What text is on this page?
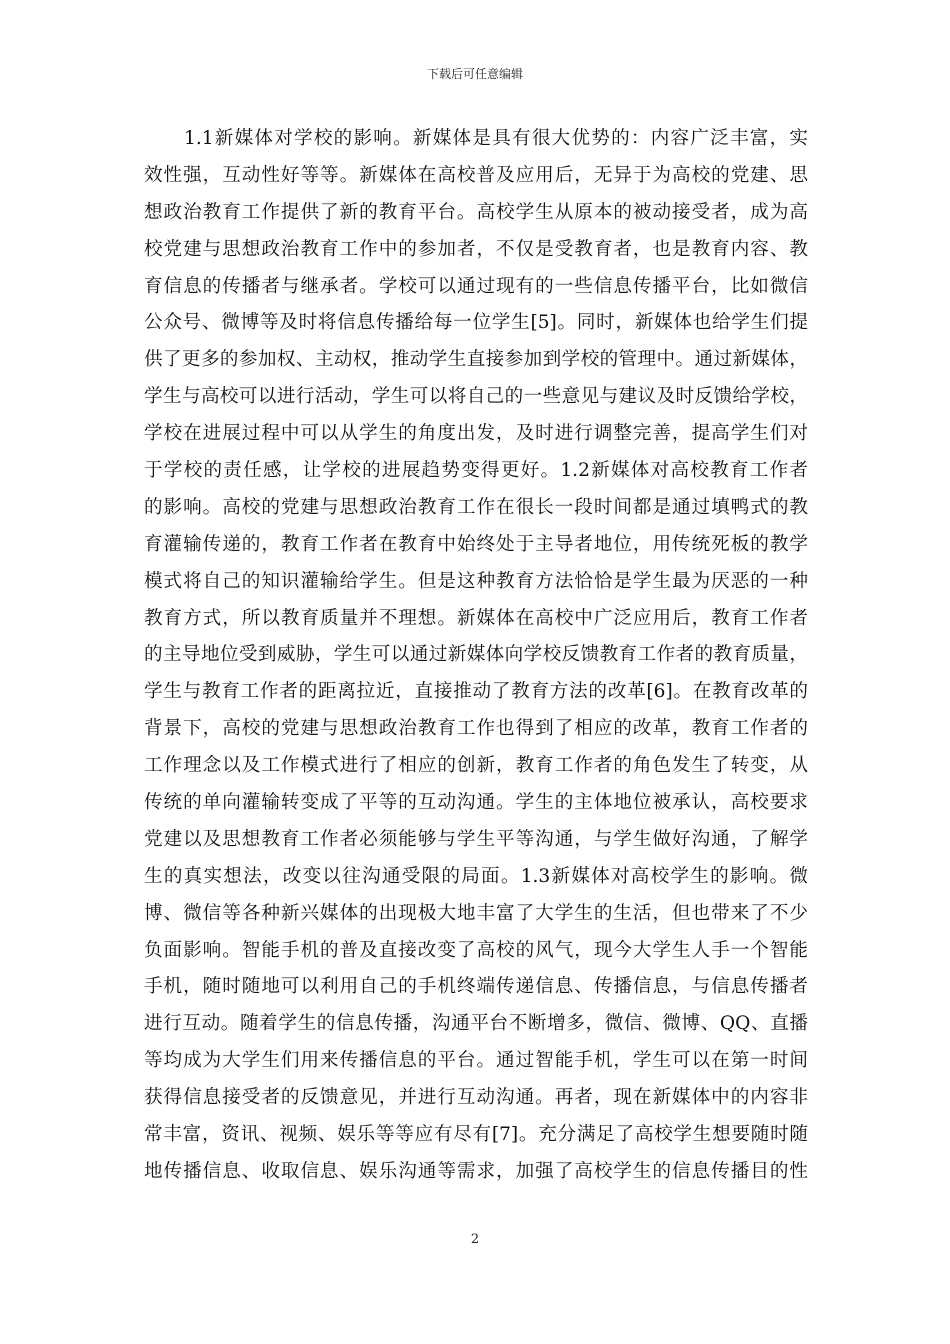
下载后可任意编辑
1.1新媒体对学校的影响。新媒体是具有很大优势的：内容广泛丰富，实
效性强，互动性好等等。新媒体在高校普及应用后，无异于为高校的党建、思
想政治教育工作提供了新的教育平台。高校学生从原本的被动接受者，成为高
校党建与思想政治教育工作中的参加者，不仅是受教育者，也是教育内容、教
育信息的传播者与继承者。学校可以通过现有的一些信息传播平台，比如微信
公众号、微博等及时将信息传播给每一位学生[5]。同时，新媒体也给学生们提
供了更多的参加权、主动权，推动学生直接参加到学校的管理中。通过新媒体，
学生与高校可以进行活动，学生可以将自己的一些意见与建议及时反馈给学校，
学校在进展过程中可以从学生的角度出发，及时进行调整完善，提高学生们对
于学校的责任感，让学校的进展趋势变得更好。1.2新媒体对高校教育工作者
的影响。高校的党建与思想政治教育工作在很长一段时间都是通过填鸭式的教
育灌输传递的，教育工作者在教育中始终处于主导者地位，用传统死板的教学
模式将自己的知识灌输给学生。但是这种教育方法恰恰是学生最为厌恶的一种
教育方式，所以教育质量并不理想。新媒体在高校中广泛应用后，教育工作者
的主导地位受到威胁，学生可以通过新媒体向学校反馈教育工作者的教育质量，
学生与教育工作者的距离拉近，直接推动了教育方法的改革[6]。在教育改革的
背景下，高校的党建与思想政治教育工作也得到了相应的改革，教育工作者的
工作理念以及工作模式进行了相应的创新，教育工作者的角色发生了转变，从
传统的单向灌输转变成了平等的互动沟通。学生的主体地位被承认，高校要求
党建以及思想教育工作者必须能够与学生平等沟通，与学生做好沟通，了解学
生的真实想法，改变以往沟通受限的局面。1.3新媒体对高校学生的影响。微
博、微信等各种新兴媒体的出现极大地丰富了大学生的生活，但也带来了不少
负面影响。智能手机的普及直接改变了高校的风气，现今大学生人手一个智能
手机，随时随地可以利用自己的手机终端传递信息、传播信息，与信息传播者
进行互动。随着学生的信息传播，沟通平台不断增多，微信、微博、QQ、直播
等均成为大学生们用来传播信息的平台。通过智能手机，学生可以在第一时间
获得信息接受者的反馈意见，并进行互动沟通。再者，现在新媒体中的内容非
常丰富，资讯、视频、娱乐等等应有尽有[7]。充分满足了高校学生想要随时随
地传播信息、收取信息、娱乐沟通等需求，加强了高校学生的信息传播目的性
2
